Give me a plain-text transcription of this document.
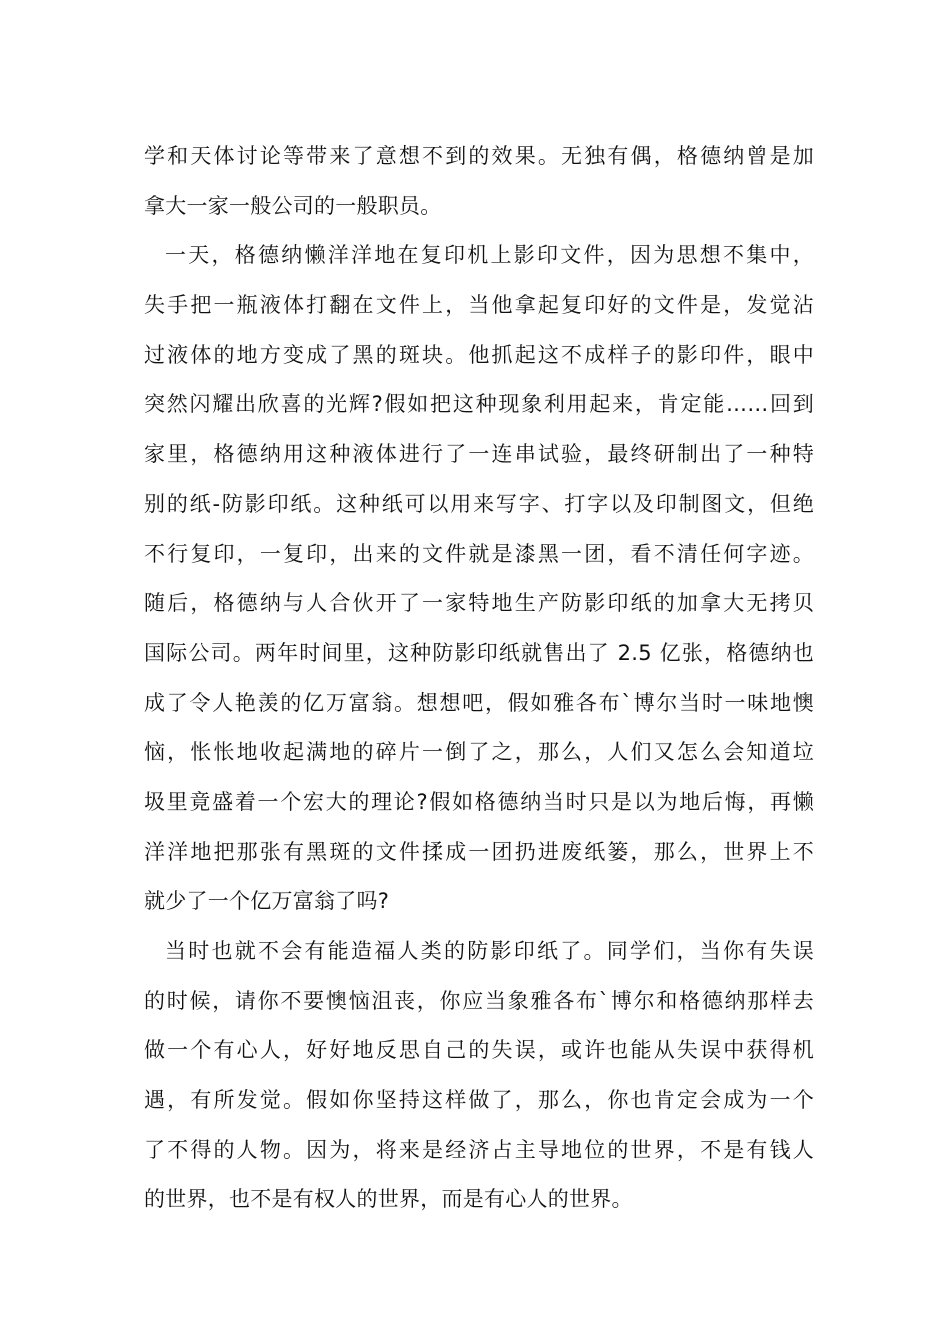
学和天体讨论等带来了意想不到的效果。无独有偶，格德纳曾是加
拿大一家一般公司的一般职员。
一天，格德纳懒洋洋地在复印机上影印文件，因为思想不集中，
失手把一瓶液体打翻在文件上，当他拿起复印好的文件是，发觉沾
过液体的地方变成了黑的斑块。他抓起这不成样子的影印件，眼中
突然闪耀出欣喜的光辉?假如把这种现象利用起来，肯定能……回到
家里，格德纳用这种液体进行了一连串试验，最终研制出了一种特
别的纸-防影印纸。这种纸可以用来写字、打字以及印制图文，但绝
不行复印，一复印，出来的文件就是漆黑一团，看不清任何字迹。
随后，格德纳与人合伙开了一家特地生产防影印纸的加拿大无拷贝
国际公司。两年时间里，这种防影印纸就售出了 2.5 亿张，格德纳也
成了令人艳羡的亿万富翁。想想吧，假如雅各布`博尔当时一味地懊
恼，怅怅地收起满地的碎片一倒了之，那么，人们又怎么会知道垃
圾里竟盛着一个宏大的理论?假如格德纳当时只是以为地后悔，再懒
洋洋地把那张有黑斑的文件揉成一团扔进废纸篓，那么，世界上不
就少了一个亿万富翁了吗?
当时也就不会有能造福人类的防影印纸了。同学们，当你有失误
的时候，请你不要懊恼沮丧，你应当象雅各布`博尔和格德纳那样去
做一个有心人，好好地反思自己的失误，或许也能从失误中获得机
遇，有所发觉。假如你坚持这样做了，那么，你也肯定会成为一个
了不得的人物。因为，将来是经济占主导地位的世界，不是有钱人
的世界，也不是有权人的世界，而是有心人的世界。
